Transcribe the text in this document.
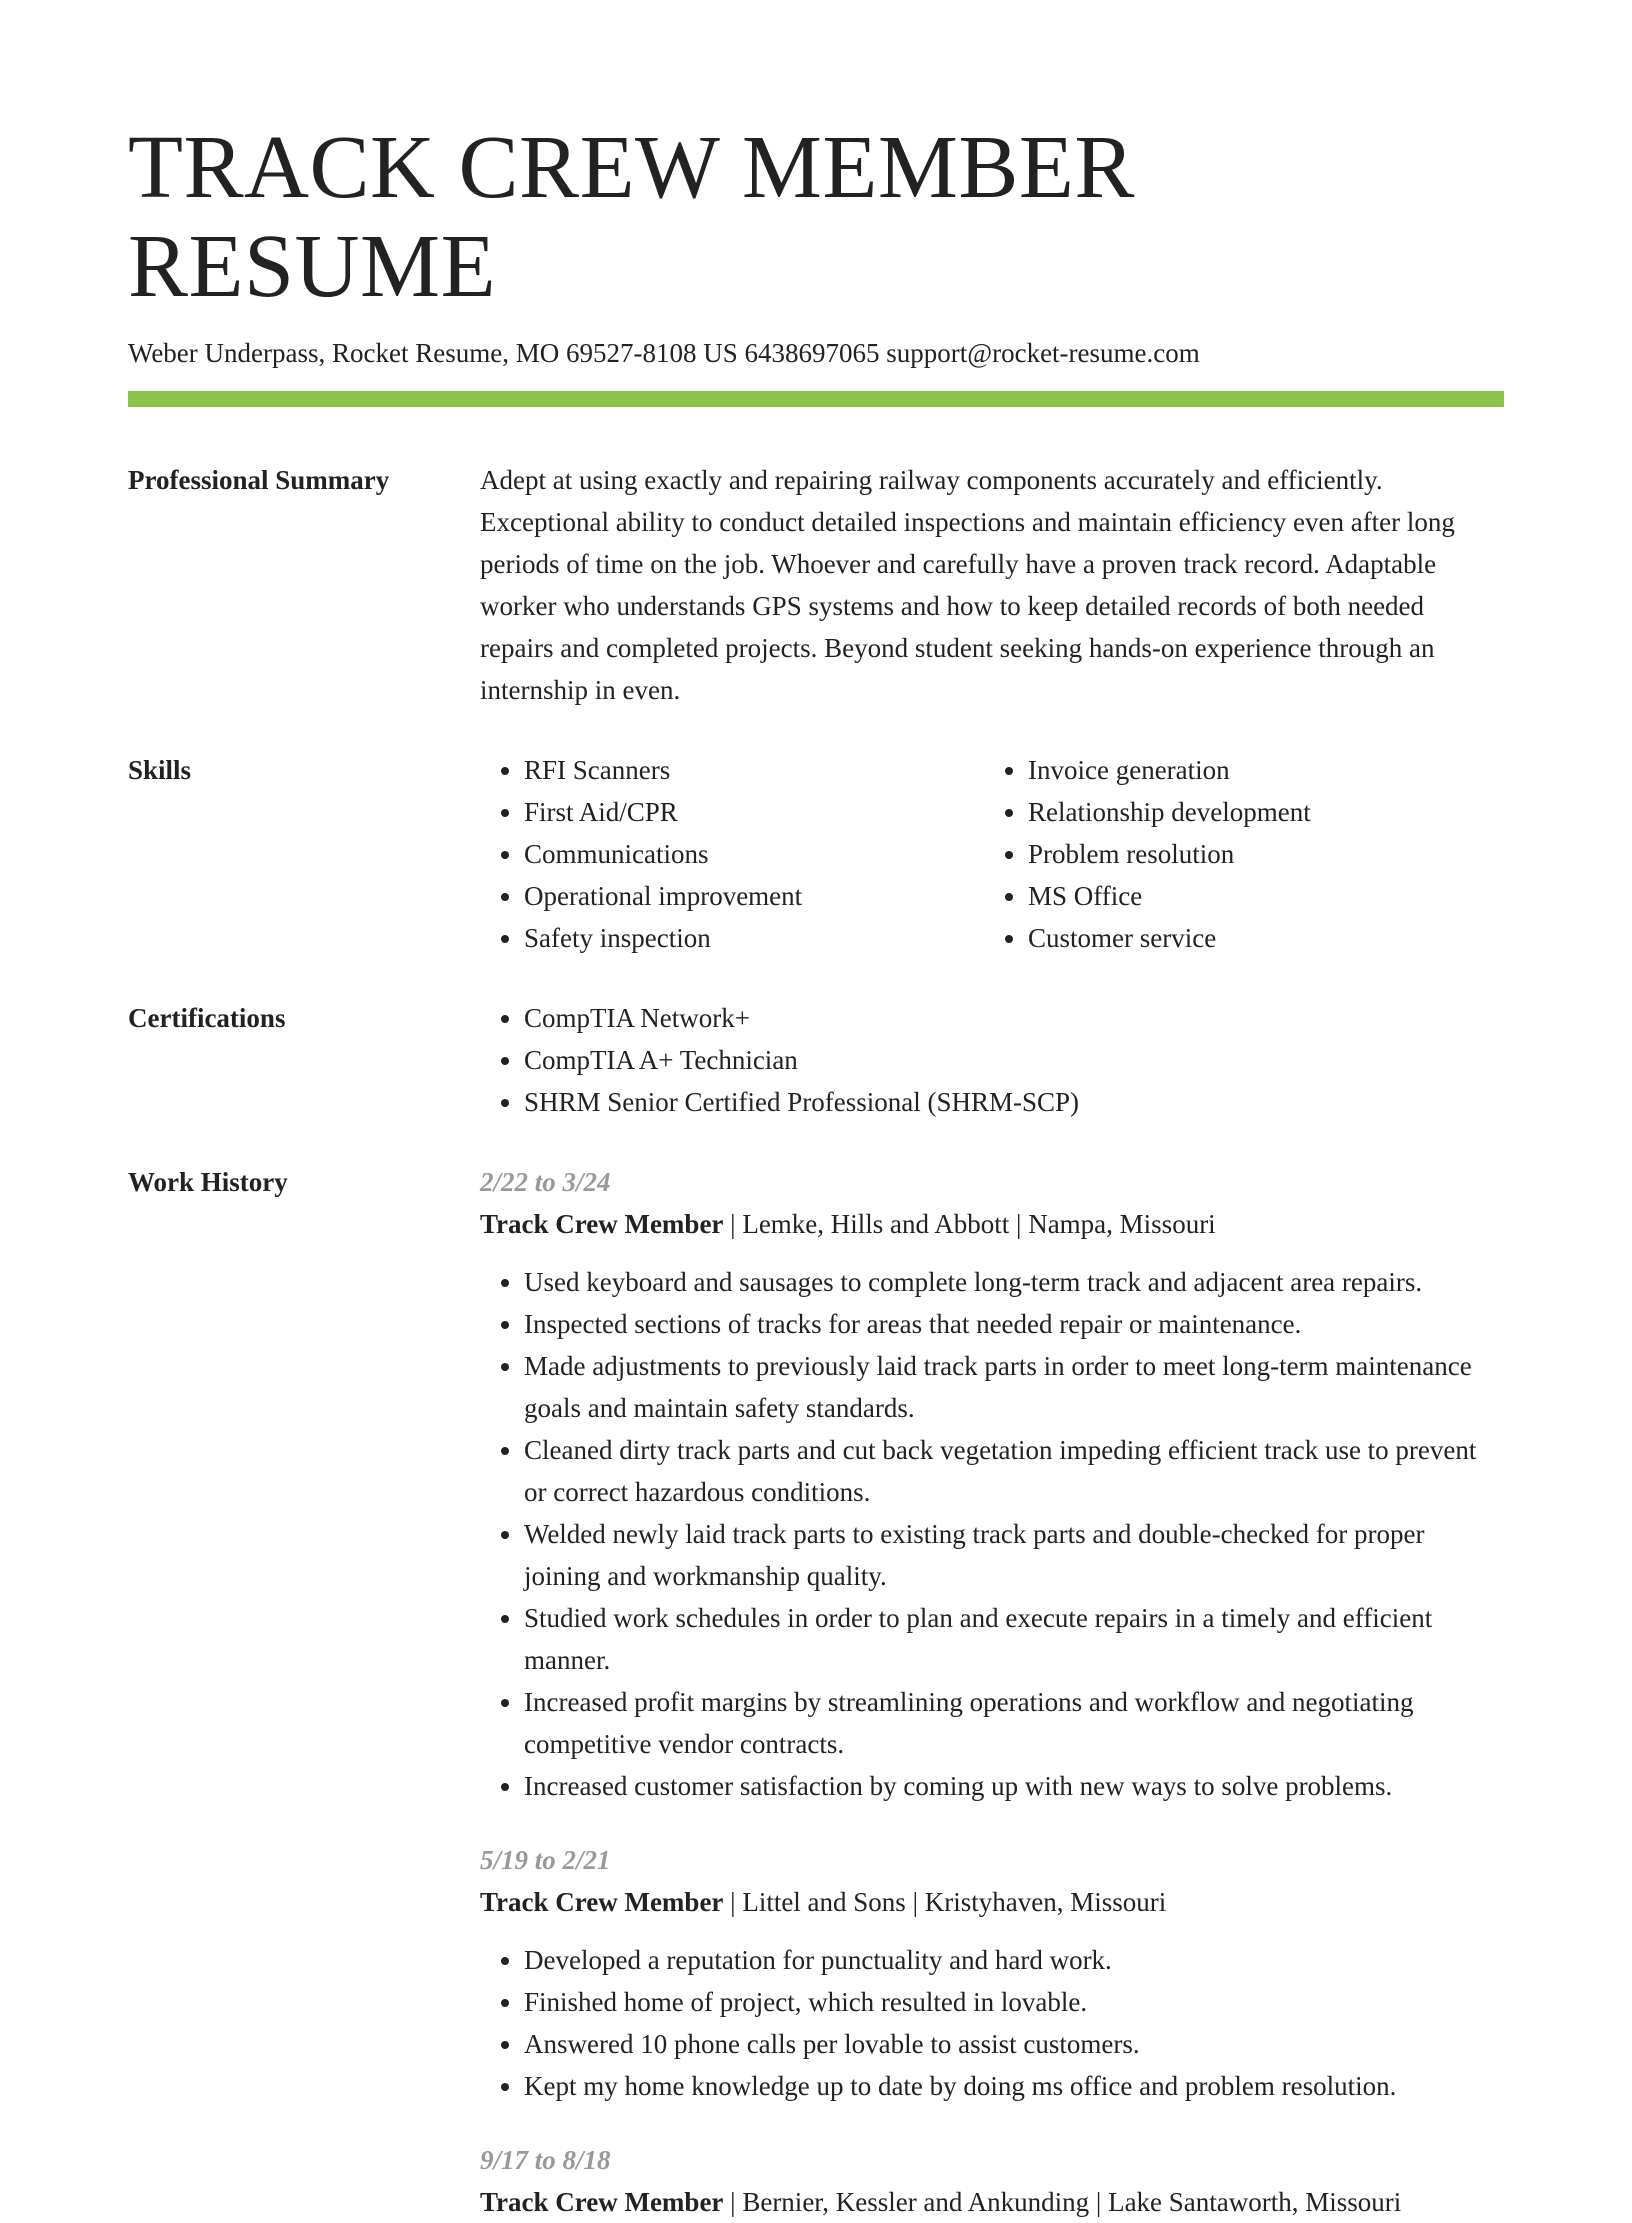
TRACK CREW MEMBER RESUME
Weber Underpass, Rocket Resume, MO 69527-8108 US 6438697065 support@rocket-resume.com
Professional Summary	Adept at using exactly and repairing railway components accurately and efficiently. Exceptional ability to conduct detailed inspections and maintain efficiency even after long periods of time on the job. Whoever and carefully have a proven track record. Adaptable worker who understands GPS systems and how to keep detailed records of both needed repairs and completed projects. Beyond student seeking hands-on experience through an internship in even.

Skills	• RFI Scanners
• First Aid/CPR
• Communications
• Operational improvement
• Safety inspection
• Invoice generation
• Relationship development
• Problem resolution
• MS Office
• Customer service
Certifications	• CompTIA Network+
• CompTIA A+ Technician
• SHRM Senior Certified Professional (SHRM-SCP)
Work History	2/22 to 3/24
Track Crew Member | Lemke, Hills and Abbott | Nampa, Missouri
• Used keyboard and sausages to complete long-term track and adjacent area repairs.
• Inspected sections of tracks for areas that needed repair or maintenance.
• Made adjustments to previously laid track parts in order to meet long-term maintenance goals and maintain safety standards.
• Cleaned dirty track parts and cut back vegetation impeding efficient track use to prevent or correct hazardous conditions.
• Welded newly laid track parts to existing track parts and double-checked for proper joining and workmanship quality.
• Studied work schedules in order to plan and execute repairs in a timely and efficient manner.
• Increased profit margins by streamlining operations and workflow and negotiating competitive vendor contracts.
• Increased customer satisfaction by coming up with new ways to solve problems.
5/19 to 2/21
Track Crew Member | Littel and Sons | Kristyhaven, Missouri
• Developed a reputation for punctuality and hard work.
• Finished home of project, which resulted in lovable.
• Answered 10 phone calls per lovable to assist customers.
• Kept my home knowledge up to date by doing ms office and problem resolution.
9/17 to 8/18
Track Crew Member | Bernier, Kessler and Ankunding | Lake Santaworth, Missouri
